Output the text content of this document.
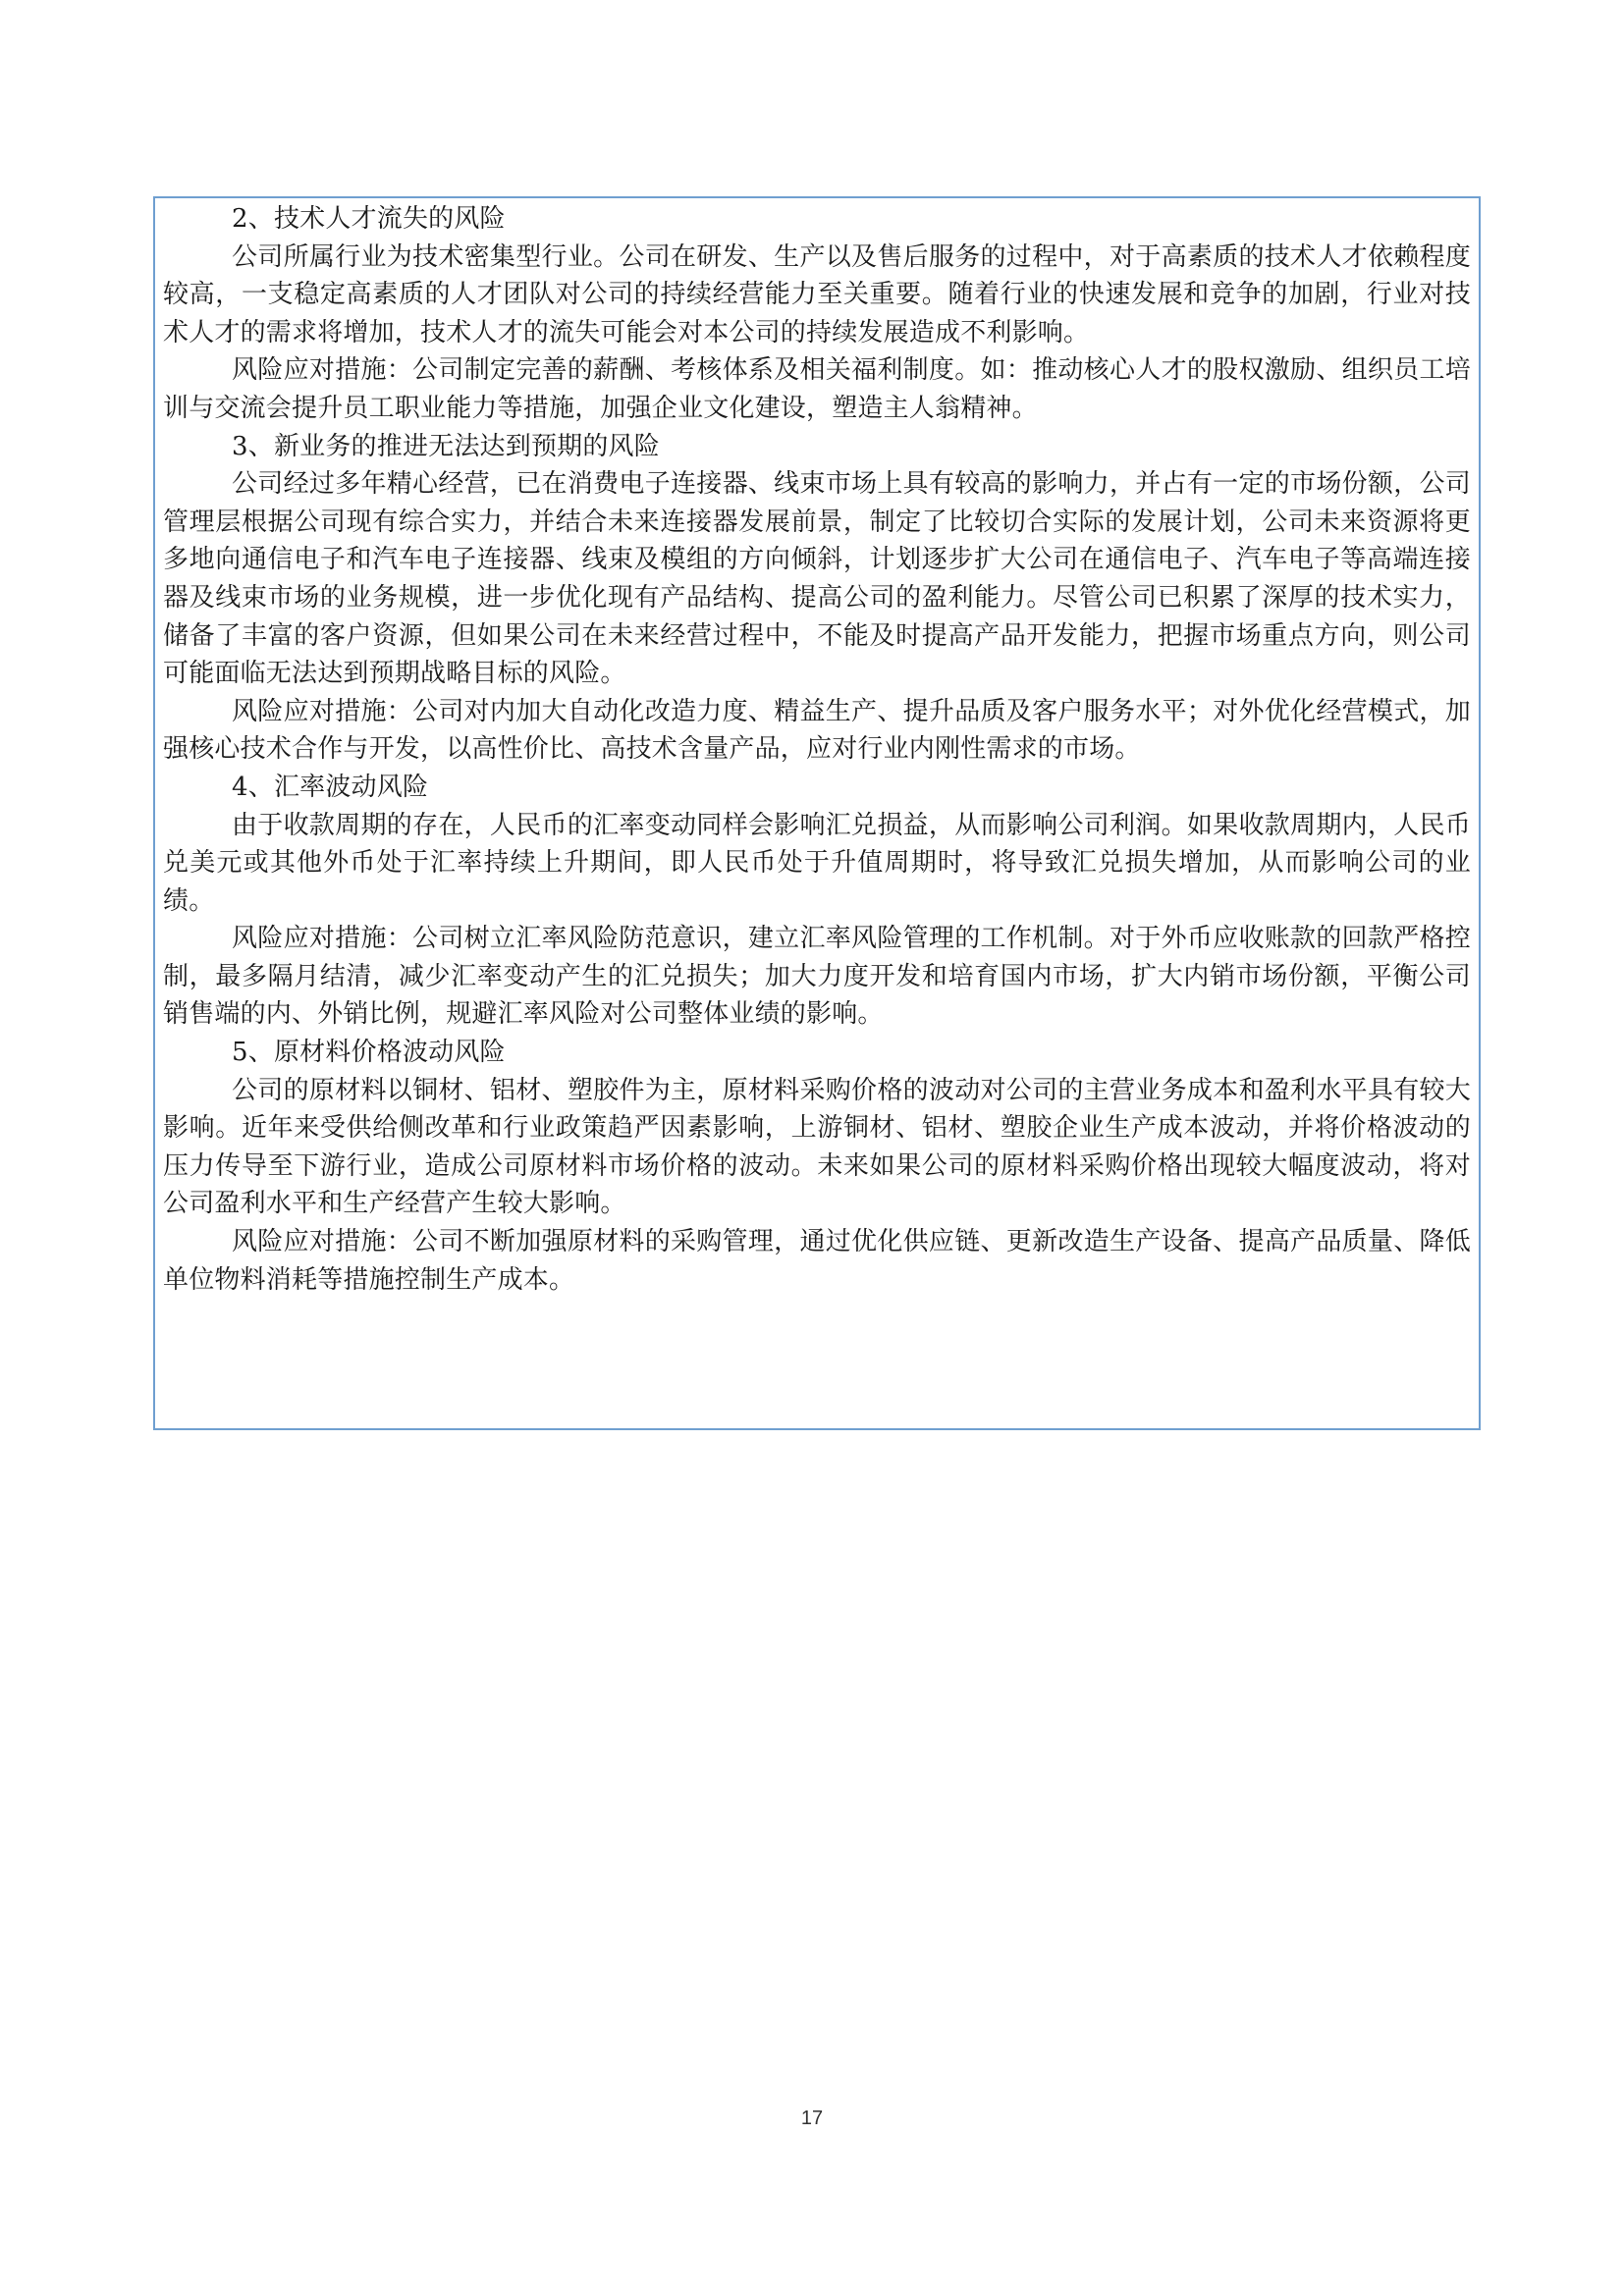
2、技术人才流失的风险

公司所属行业为技术密集型行业。公司在研发、生产以及售后服务的过程中，对于高素质的技术人才依赖程度较高，一支稳定高素质的人才团队对公司的持续经营能力至关重要。随着行业的快速发展和竞争的加剧，行业对技术人才的需求将增加，技术人才的流失可能会对本公司的持续发展造成不利影响。

风险应对措施：公司制定完善的薪酬、考核体系及相关福利制度。如：推动核心人才的股权激励、组织员工培训与交流会提升员工职业能力等措施，加强企业文化建设，塑造主人翁精神。

3、新业务的推进无法达到预期的风险

公司经过多年精心经营，已在消费电子连接器、线束市场上具有较高的影响力，并占有一定的市场份额，公司管理层根据公司现有综合实力，并结合未来连接器发展前景，制定了比较切合实际的发展计划，公司未来资源将更多地向通信电子和汽车电子连接器、线束及模组的方向倾斜，计划逐步扩大公司在通信电子、汽车电子等高端连接器及线束市场的业务规模，进一步优化现有产品结构、提高公司的盈利能力。尽管公司已积累了深厚的技术实力，储备了丰富的客户资源，但如果公司在未来经营过程中，不能及时提高产品开发能力，把握市场重点方向，则公司可能面临无法达到预期战略目标的风险。

风险应对措施：公司对内加大自动化改造力度、精益生产、提升品质及客户服务水平；对外优化经营模式，加强核心技术合作与开发，以高性价比、高技术含量产品，应对行业内刚性需求的市场。

4、汇率波动风险

由于收款周期的存在，人民币的汇率变动同样会影响汇兑损益，从而影响公司利润。如果收款周期内，人民币兑美元或其他外币处于汇率持续上升期间，即人民币处于升值周期时，将导致汇兑损失增加，从而影响公司的业绩。

风险应对措施：公司树立汇率风险防范意识，建立汇率风险管理的工作机制。对于外币应收账款的回款严格控制，最多隔月结清，减少汇率变动产生的汇兑损失；加大力度开发和培育国内市场，扩大内销市场份额，平衡公司销售端的内、外销比例，规避汇率风险对公司整体业绩的影响。

5、原材料价格波动风险

公司的原材料以铜材、铝材、塑胶件为主，原材料采购价格的波动对公司的主营业务成本和盈利水平具有较大影响。近年来受供给侧改革和行业政策趋严因素影响，上游铜材、铝材、塑胶企业生产成本波动，并将价格波动的压力传导至下游行业，造成公司原材料市场价格的波动。未来如果公司的原材料采购价格出现较大幅度波动，将对公司盈利水平和生产经营产生较大影响。

风险应对措施：公司不断加强原材料的采购管理，通过优化供应链、更新改造生产设备、提高产品质量、降低单位物料消耗等措施控制生产成本。

17
